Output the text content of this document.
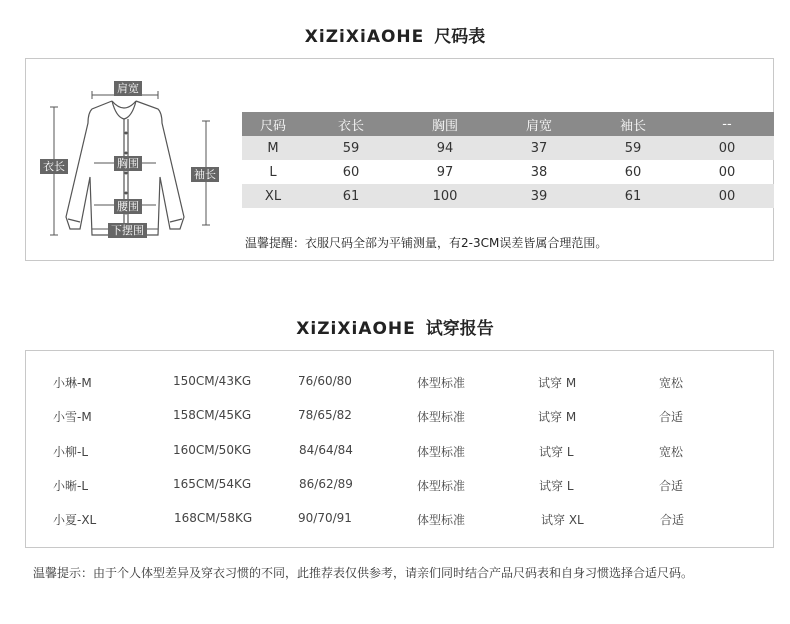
XiZiXiAOHE 尺码表
肩宽
衣长	胸围
袖长
腰围
下摆围
尺码	衣长	胸围	肩宽	袖长	--
M	59	94	37	59	00
L	60	97	38	60	00
XL	61	100	39	61	00
温馨提醒：衣服尺码全部为平铺测量，有2-3CM误差皆属合理范围。
XiZiXiAOHE 试穿报告
小琳-M	150CM/43KG	76/60/80	体型标准	试穿 M	宽松
小雪-M	158CM/45KG	78/65/82	体型标准	试穿 M	合适
小柳-L	160CM/50KG	84/64/84	体型标准	试穿 L	宽松
小晰-L	165CM/54KG	86/62/89	体型标准	试穿 L	合适
小夏-XL	168CM/58KG	90/70/91	体型标准	试穿 XL	合适
温馨提示：由于个人体型差异及穿衣习惯的不同，此推荐表仅供参考，请亲们同时结合产品尺码表和自身习惯选择合适尺码。
